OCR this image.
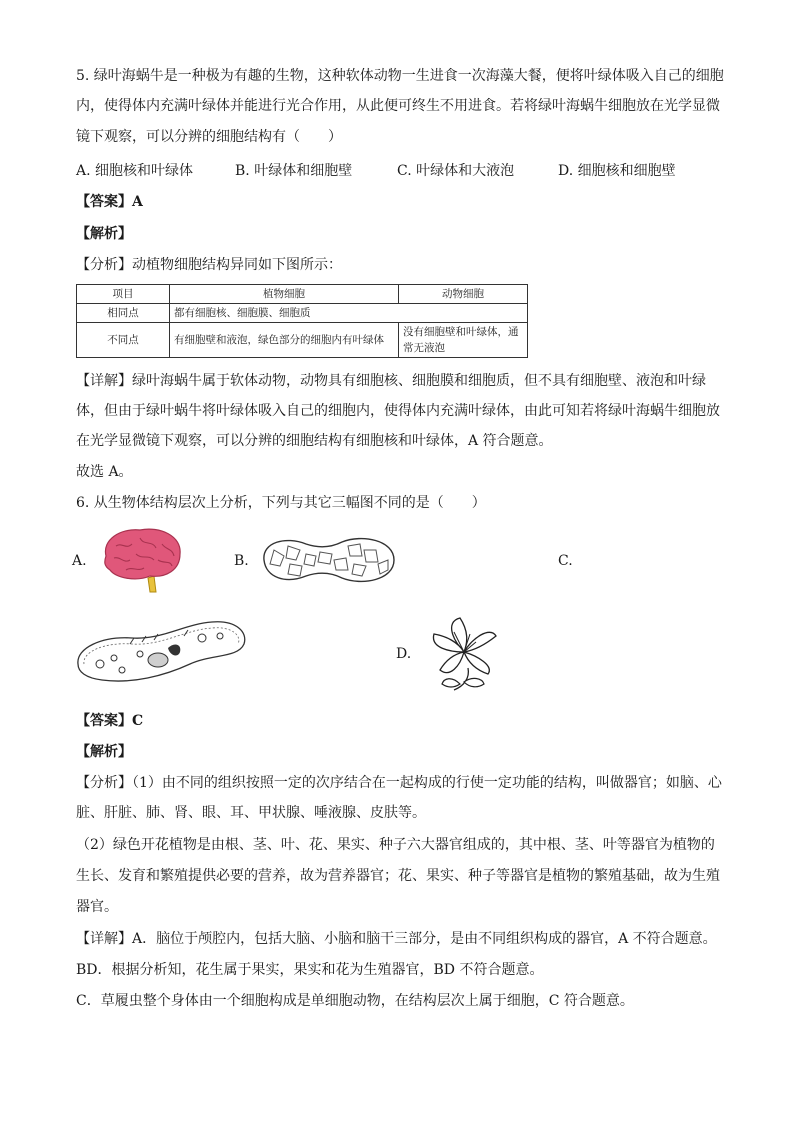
5. 绿叶海蜗牛是一种极为有趣的生物，这种软体动物一生进食一次海藻大餐，便将叶绿体吸入自己的细胞
内，使得体内充满叶绿体并能进行光合作用，从此便可终生不用进食。若将绿叶海蜗牛细胞放在光学显微
镜下观察，可以分辨的细胞结构有（　　）
A. 细胞核和叶绿体	B. 叶绿体和细胞壁	C. 叶绿体和大液泡	D. 细胞核和细胞壁
【答案】A
【解析】
【分析】动植物细胞结构异同如下图所示：
项目	植物细胞	动物细胞
相同点	都有细胞核、细胞膜、细胞质	
不同点	有细胞壁和液泡，绿色部分的细胞内有叶绿体	没有细胞壁和叶绿体，通常无液泡
【详解】绿叶海蜗牛属于软体动物，动物具有细胞核、细胞膜和细胞质，但不具有细胞壁、液泡和叶绿
体，但由于绿叶蜗牛将叶绿体吸入自己的细胞内，使得体内充满叶绿体，由此可知若将绿叶海蜗牛细胞放
在光学显微镜下观察，可以分辨的细胞结构有细胞核和叶绿体，A 符合题意。
故选 A。
6. 从生物体结构层次上分析，下列与其它三幅图不同的是（　　）
A.	B.	C.
D.
【答案】C
【解析】
【分析】（1）由不同的组织按照一定的次序结合在一起构成的行使一定功能的结构，叫做器官；如脑、心
脏、肝脏、肺、肾、眼、耳、甲状腺、唾液腺、皮肤等。
（2）绿色开花植物是由根、茎、叶、花、果实、种子六大器官组成的，其中根、茎、叶等器官为植物的
生长、发育和繁殖提供必要的营养，故为营养器官；花、果实、种子等器官是植物的繁殖基础，故为生殖
器官。
【详解】A．脑位于颅腔内，包括大脑、小脑和脑干三部分，是由不同组织构成的器官，A 不符合题意。
BD．根据分析知，花生属于果实，果实和花为生殖器官，BD 不符合题意。
C．草履虫整个身体由一个细胞构成是单细胞动物，在结构层次上属于细胞，C 符合题意。
